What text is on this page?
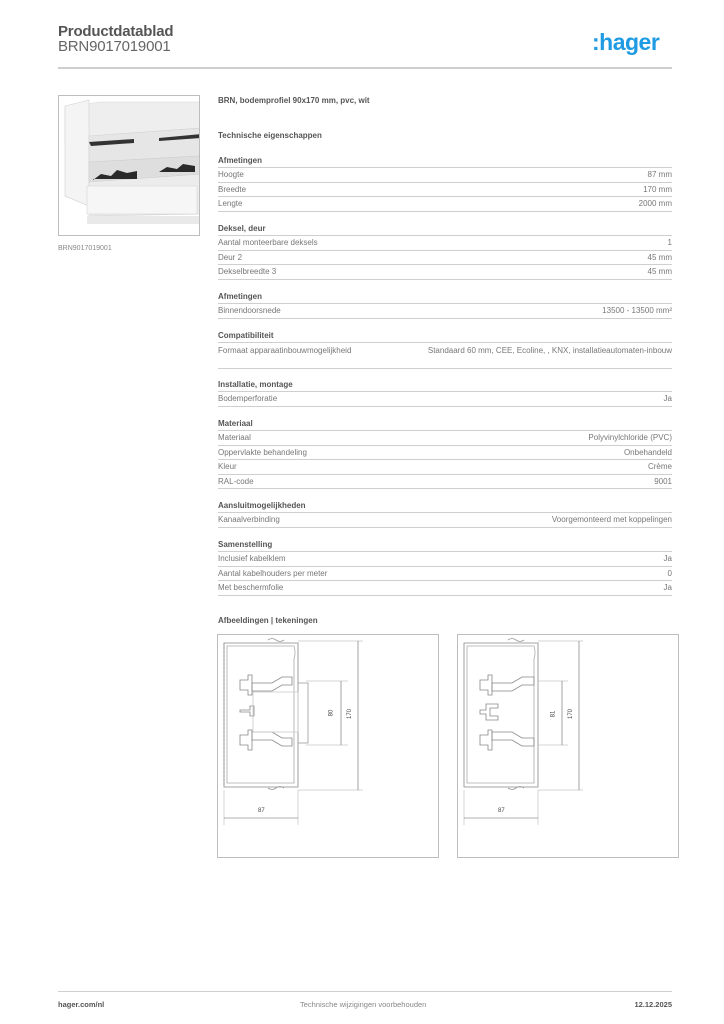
Productdatablad
BRN9017019001	:hager
BRN9017019001
BRN, bodemprofiel 90x170 mm, pvc, wit
Technische eigenschappen
Afmetingen
Hoogte	87 mm
Breedte	170 mm
Lengte	2000 mm
Deksel, deur
Aantal monteerbare deksels	1
Deur 2	45 mm
Dekselbreedte 3	45 mm
Afmetingen
Binnendoorsnede	13500 - 13500 mm²
Compatibiliteit
Formaat apparaatinbouwmogelijkheid	Standaard 60 mm, CEE, Ecoline, , KNX, installatieautomaten-inbouw
Installatie, montage
Bodemperforatie	Ja
Materiaal
Materiaal	Polyvinylchloride (PVC)
Oppervlakte behandeling	Onbehandeld
Kleur	Crème
RAL-code	9001
Aansluitmogelijkheden
Kanaalverbinding	Voorgemonteerd met koppelingen
Samenstelling
Inclusief kabelklem	Ja
Aantal kabelhouders per meter	0
Met beschermfolie	Ja
Afbeeldingen | tekeningen
87
80 170
87
81 170
hager.com/nl	Technische wijzigingen voorbehouden	12.12.2025
